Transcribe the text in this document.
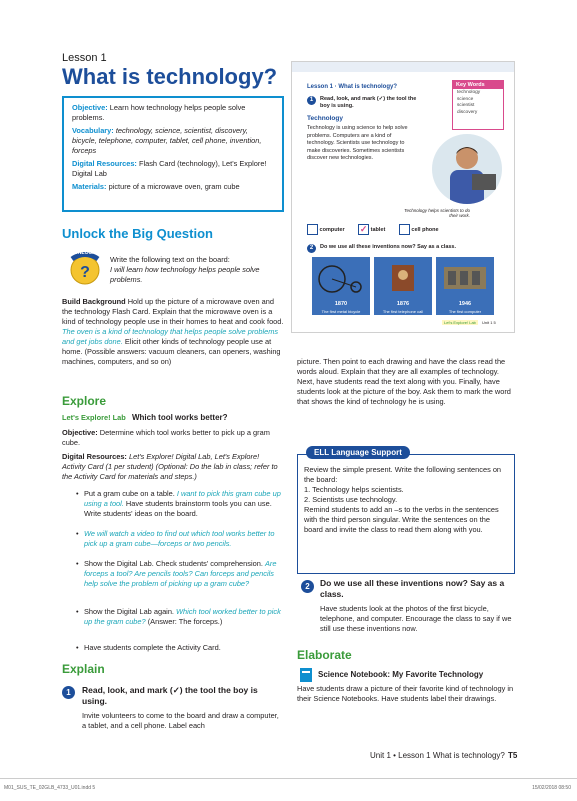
Lesson 1
What is technology?

Objective: Learn how technology helps people solve problems.

Vocabulary: technology, science, scientist, discovery, bicycle, telephone, computer, tablet, cell phone, invention, forceps

Digital Resources: Flash Card (technology), Let's Explore! Digital Lab

Materials: picture of a microwave oven, gram cube

Unlock the Big Question
?
UNLOCK
Write the following text on the board:
I will learn how technology helps people solve problems.
Build Background Hold up the picture of a microwave oven and the technology Flash Card. Explain that the microwave oven is a kind of technology people use in their homes to heat and cook food. The oven is a kind of technology that helps people solve problems and get jobs done. Elicit other kinds of technology people use at home. (Possible answers: vacuum cleaners, can openers, washing machines, computers, and so on)
Explore
Let's Explore! Lab Which tool works better?
Objective: Determine which tool works better to pick up a gram cube.
Digital Resources: Let's Explore! Digital Lab, Let's Explore! Activity Card (1 per student) (Optional: Do the lab in class; refer to the Activity Card for materials and steps.)
• Put a gram cube on a table. I want to pick this gram cube up using a tool. Have students brainstorm tools you can use. Write students' ideas on the board.
• We will watch a video to find out which tool works better to pick up a gram cube—forceps or two pencils.
• Show the Digital Lab. Check students' comprehension. Are forceps a tool? Are pencils tools? Can forceps and pencils help solve the problem of picking up a gram cube?
• Show the Digital Lab again. Which tool worked better to pick up the gram cube? (Answer: The forceps.)
• Have students complete the Activity Card.
Explain
1	Read, look, and mark (✓) the tool the boy is using.
Invite volunteers to come to the board and draw a computer, a tablet, and a cell phone. Label each
Lesson 1 · What is technology?
1	Read, look, and mark (✓) the tool the boy is using.
Technology
Technology is using science to help solve problems. Computers are a kind of technology. Scientists use technology to make discoveries. Sometimes scientists discover new technologies.
Key Words
technology
science
scientist
discovery
Technology helps scientists to do their work.
computer ✓ tablet	cell phone
2	Do we use all these inventions now? Say as a class.
1870
The first metal bicycle
1876
The first telephone call
1946
The first computer
Let's Explore! Lab	Unit 1 5
picture. Then point to each drawing and have the class read the words aloud. Explain that they are all examples of technology. Next, have students read the text along with you. Finally, have students look at the picture of the boy. Ask them to mark the word that shows the kind of technology he is using.
ELL Language Support
Review the simple present. Write the following sentences on the board:
1. Technology helps scientists.
2. Scientists use technology.
Remind students to add an –s to the verbs in the sentences with the third person singular. Write the sentences on the board and invite the class to read them along with you.
2	Do we use all these inventions now? Say as a class.
Have students look at the photos of the first bicycle, telephone, and computer. Encourage the class to say if we still use these inventions now.
Elaborate
Science Notebook: My Favorite Technology
Have students draw a picture of their favorite kind of technology in their Science Notebooks. Have students label their drawings.
Unit 1 • Lesson 1 What is technology? T5
M01_SUS_TE_02GLB_4733_U01.indd 5	15/02/2018 08:50
